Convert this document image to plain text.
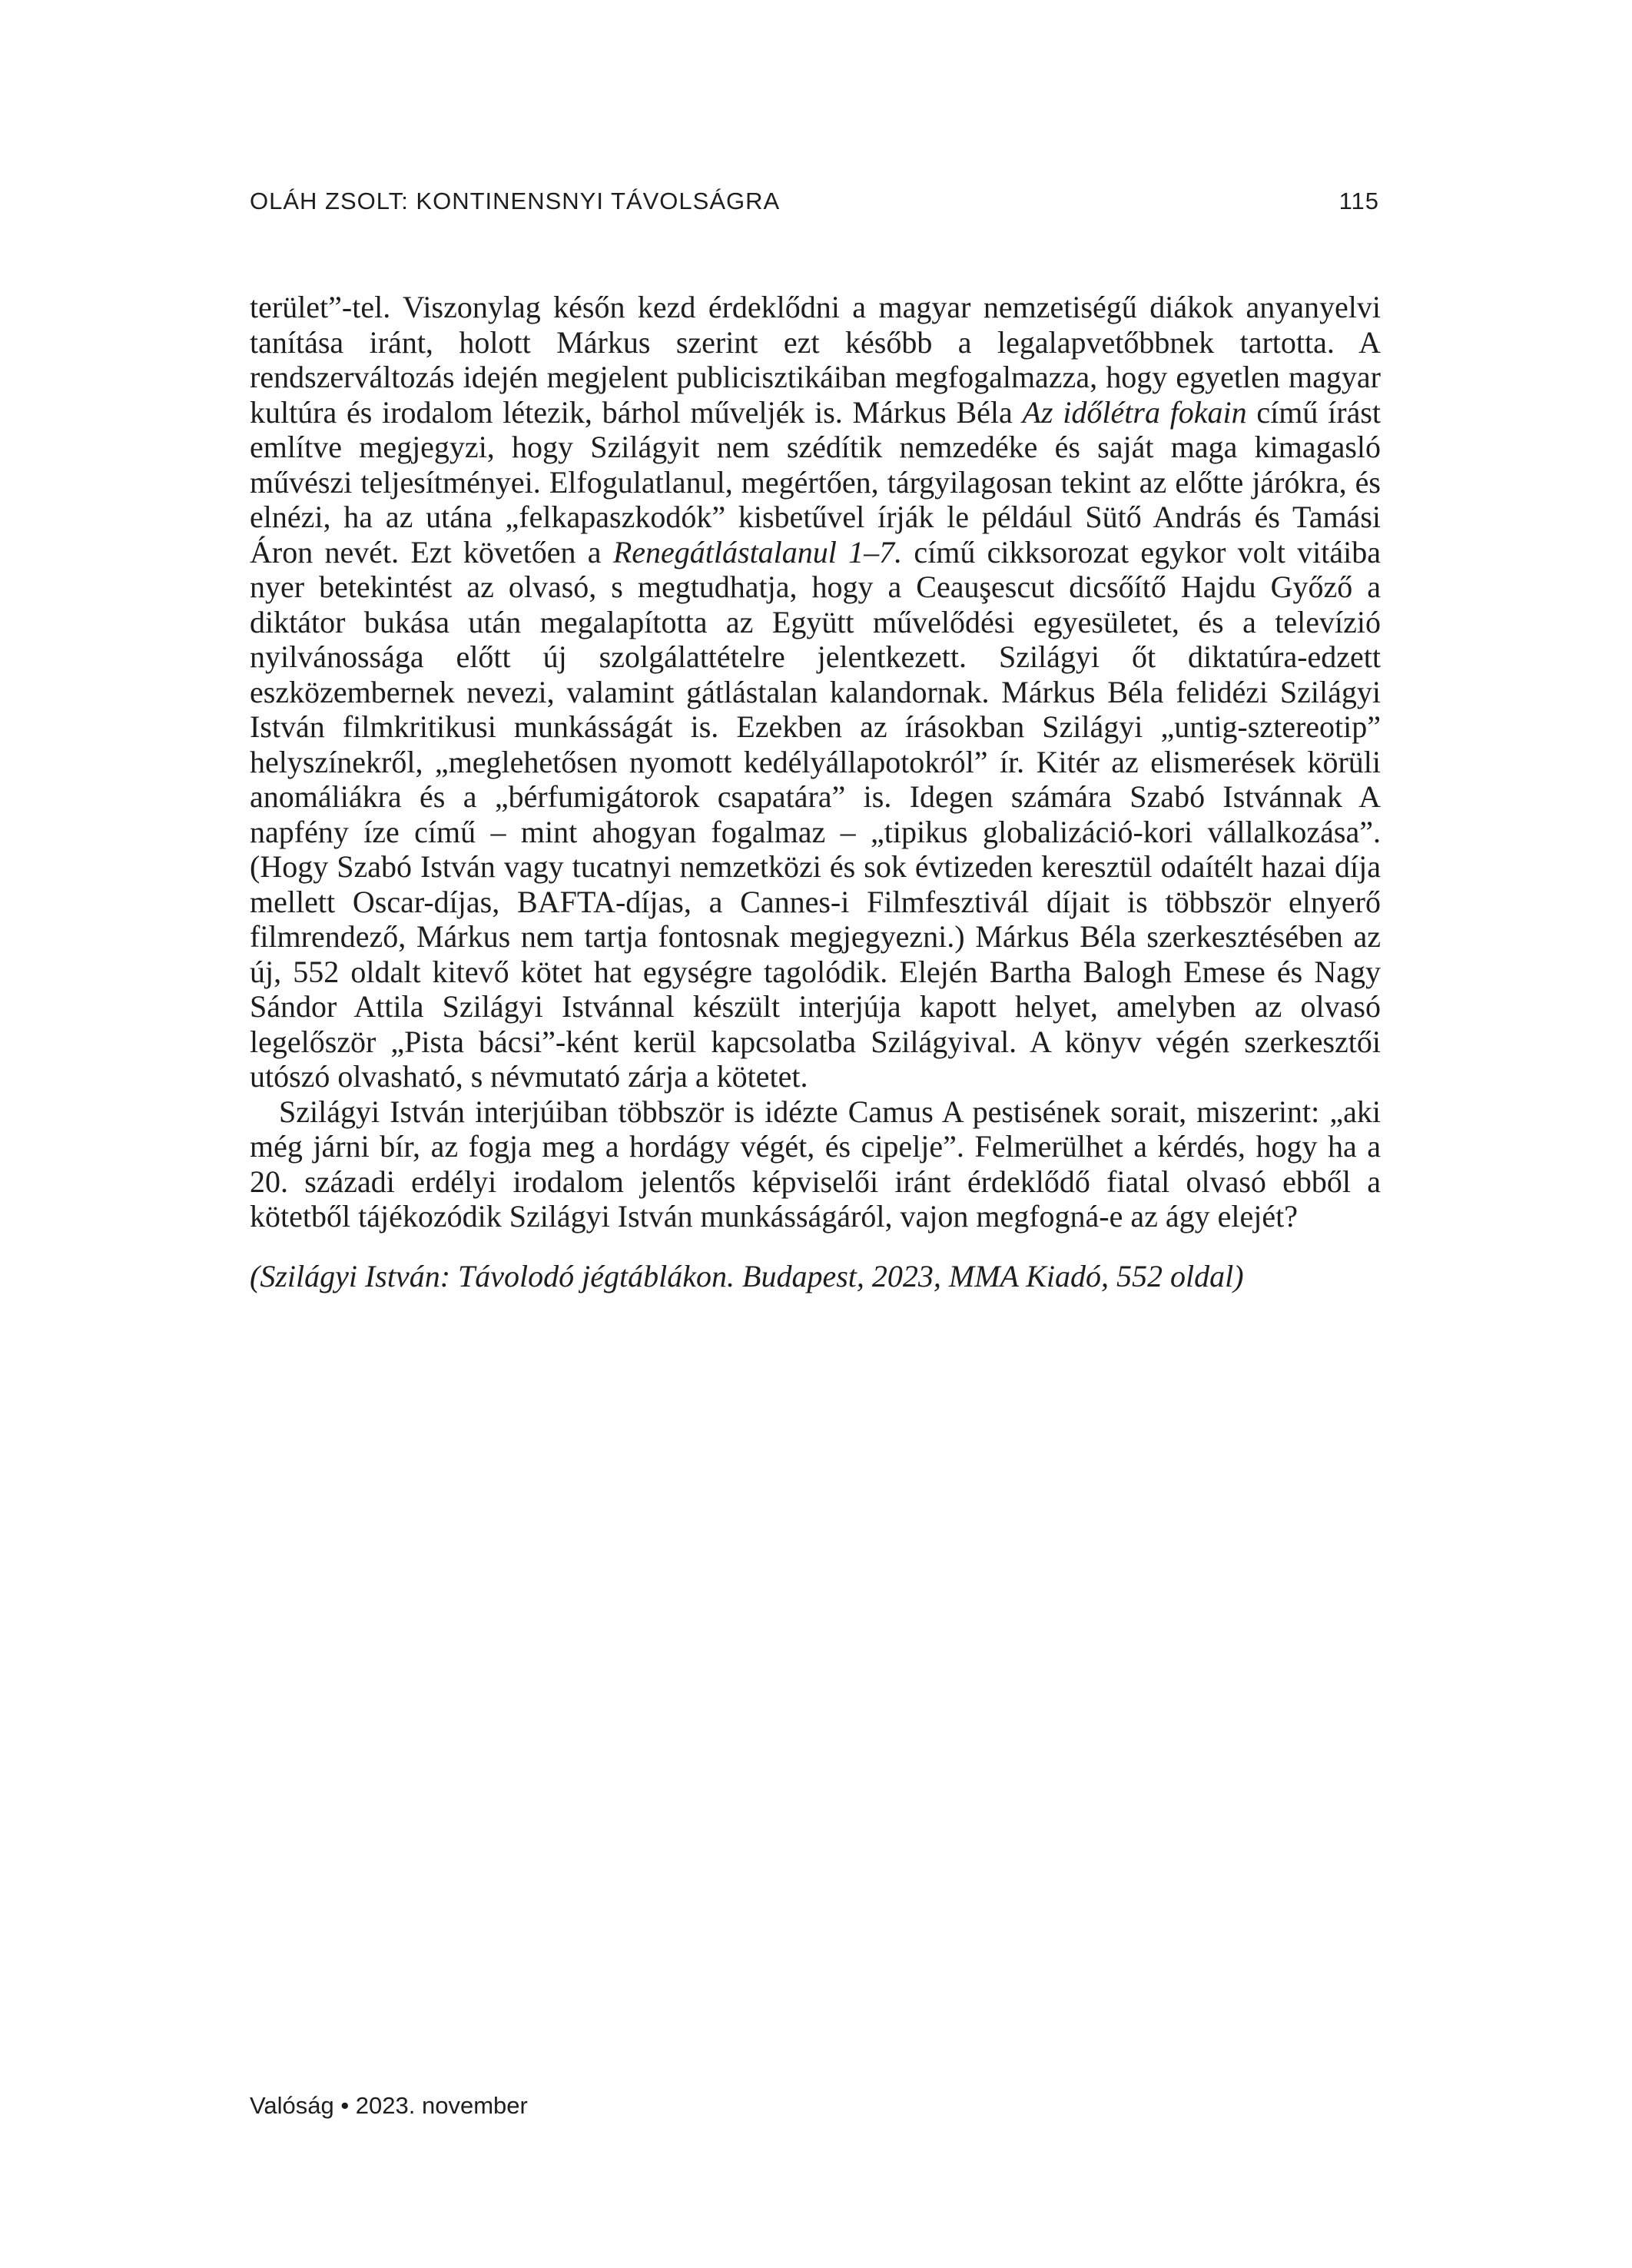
OLÁH ZSOLT: KONTINENSNYI TÁVOLSÁGRA	115

terület”-tel. Viszonylag későn kezd érdeklődni a magyar nemzetiségű diákok anyanyelvi tanítása iránt, holott Márkus szerint ezt később a legalapvetőbbnek tartotta. A rendszerváltozás idején megjelent publicisztikáiban megfogalmazza, hogy egyetlen magyar kultúra és irodalom létezik, bárhol műveljék is. Márkus Béla Az időlétra fokain című írást említve megjegyzi, hogy Szilágyit nem szédítik nemzedéke és saját maga kimagasló művészi teljesítményei. Elfogulatlanul, megértően, tárgyilagosan tekint az előtte járókra, és elnézi, ha az utána „felkapaszkodók” kisbetűvel írják le például Sütő András és Tamási Áron nevét. Ezt követően a Renegátlástalanul 1–7. című cikksorozat egykor volt vitáiba nyer betekintést az olvasó, s megtudhatja, hogy a Ceauşescut dicsőítő Hajdu Győző a diktátor bukása után megalapította az Együtt művelődési egyesületet, és a televízió nyilvánossága előtt új szolgálattételre jelentkezett. Szilágyi őt diktatúra-edzett eszközembernek nevezi, valamint gátlástalan kalandornak. Márkus Béla felidézi Szilágyi István filmkritikusi munkásságát is. Ezekben az írásokban Szilágyi „untig-sztereotip” helyszínekről, „meglehetősen nyomott kedélyállapotokról” ír. Kitér az elismerések körüli anomáliákra és a „bérfumigátorok csapatára” is. Idegen számára Szabó Istvánnak A napfény íze című – mint ahogyan fogalmaz – „tipikus globalizáció-kori vállalkozása”. (Hogy Szabó István vagy tucatnyi nemzetközi és sok évtizeden keresztül odaítélt hazai díja mellett Oscar-díjas, BAFTA-díjas, a Cannes-i Filmfesztivál díjait is többször elnyerő filmrendező, Márkus nem tartja fontosnak megjegyezni.) Márkus Béla szerkesztésében az új, 552 oldalt kitevő kötet hat egységre tagolódik. Elején Bartha Balogh Emese és Nagy Sándor Attila Szilágyi Istvánnal készült interjúja kapott helyet, amelyben az olvasó legelőször „Pista bácsi”-ként kerül kapcsolatba Szilágyival. A könyv végén szerkesztői utószó olvasható, s névmutató zárja a kötetet.

Szilágyi István interjúiban többször is idézte Camus A pestisének sorait, miszerint: „aki még járni bír, az fogja meg a hordágy végét, és cipelje”. Felmerülhet a kérdés, hogy ha a 20. századi erdélyi irodalom jelentős képviselői iránt érdeklődő fiatal olvasó ebből a kötetből tájékozódik Szilágyi István munkásságáról, vajon megfogná-e az ágy elejét?

(Szilágyi István: Távolodó jégtáblákon. Budapest, 2023, MMA Kiadó, 552 oldal)
Valóság • 2023. november
